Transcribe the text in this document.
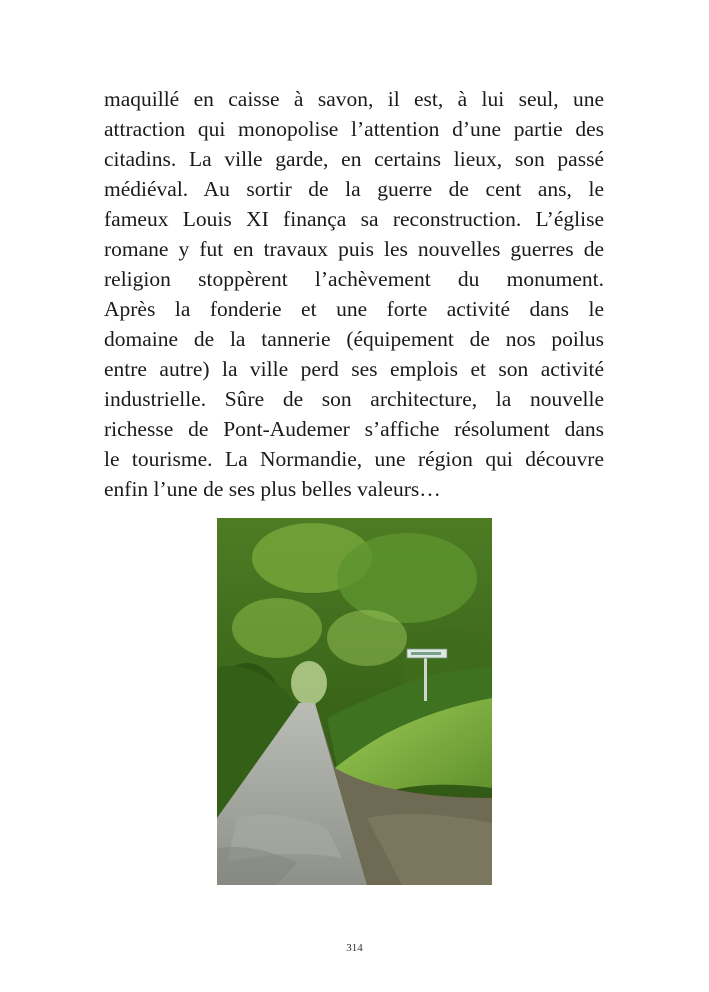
maquillé en caisse à savon, il est, à lui seul, une
attraction qui monopolise l’attention d’une partie des
citadins. La ville garde, en certains lieux, son passé
médiéval. Au sortir de la guerre de cent ans, le
fameux Louis XI finança sa reconstruction. L’église
romane y fut en travaux puis les nouvelles guerres de
religion stoppèrent l’achèvement du monument.
Après la fonderie et une forte activité dans le
domaine de la tannerie (équipement de nos poilus
entre autre) la ville perd ses emplois et son activité
industrielle. Sûre de son architecture, la nouvelle
richesse de Pont-Audemer s’affiche résolument dans
le tourisme. La Normandie, une région qui découvre
enfin l’une de ses plus belles valeurs…
314
